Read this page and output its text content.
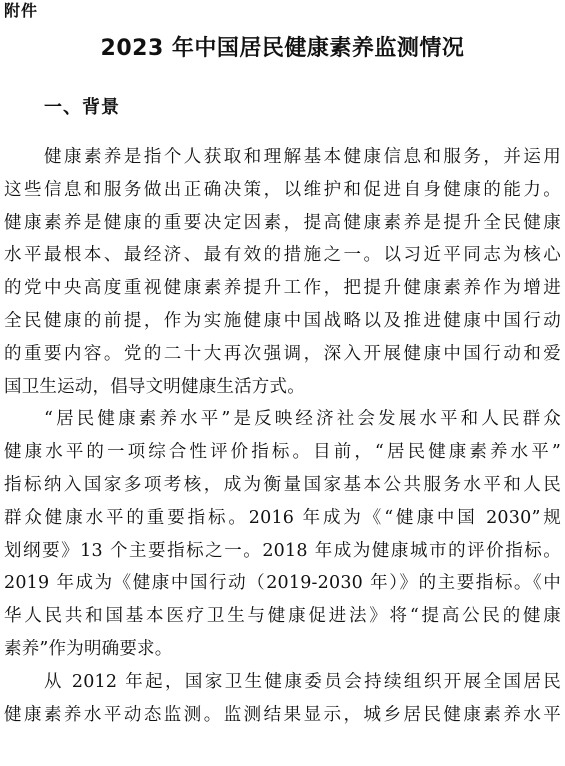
附件
2023 年中国居民健康素养监测情况
一、背景
健康素养是指个人获取和理解基本健康信息和服务，并运用
这些信息和服务做出正确决策，以维护和促进自身健康的能力。
健康素养是健康的重要决定因素，提高健康素养是提升全民健康
水平最根本、最经济、最有效的措施之一。以习近平同志为核心
的党中央高度重视健康素养提升工作，把提升健康素养作为增进
全民健康的前提，作为实施健康中国战略以及推进健康中国行动
的重要内容。党的二十大再次强调，深入开展健康中国行动和爱
国卫生运动，倡导文明健康生活方式。
“居民健康素养水平”是反映经济社会发展水平和人民群众
健康水平的一项综合性评价指标。目前，“居民健康素养水平”
指标纳入国家多项考核，成为衡量国家基本公共服务水平和人民
群众健康水平的重要指标。2016 年成为《“健康中国 2030”规
划纲要》13 个主要指标之一。2018 年成为健康城市的评价指标。
2019 年成为《健康中国行动（2019-2030 年）》的主要指标。《中
华人民共和国基本医疗卫生与健康促进法》将“提高公民的健康
素养”作为明确要求。
从 2012 年起，国家卫生健康委员会持续组织开展全国居民
健康素养水平动态监测。监测结果显示，城乡居民健康素养水平
